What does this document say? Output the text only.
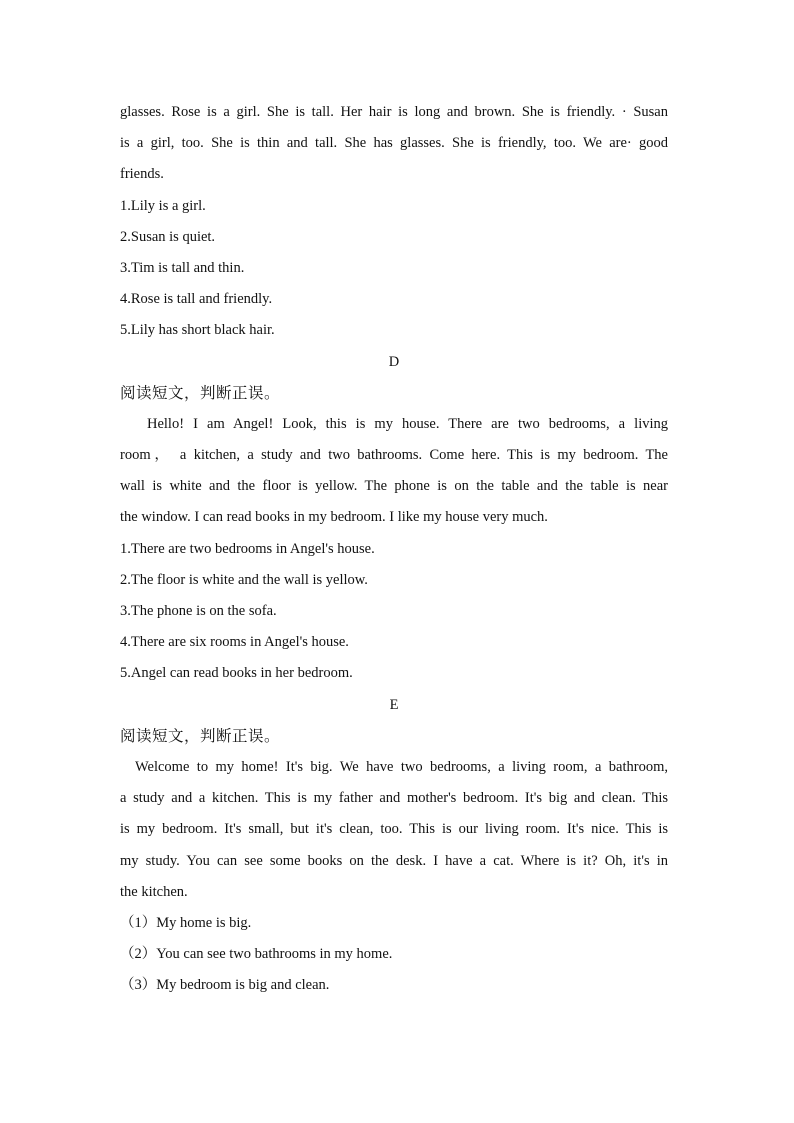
glasses. Rose is a girl. She is tall. Her hair is long and brown. She is friendly. · Susan
is a girl, too. She is thin and tall. She has glasses. She is friendly, too. We are· good
friends.
1.Lily is a girl.
2.Susan is quiet.
3.Tim is tall and thin.
4.Rose is tall and friendly.
5.Lily has short black hair.
D
阅读短文，判断正误。
Hello! I am Angel! Look, this is my house. There are two bedrooms, a living
room， a kitchen, a study and two bathrooms. Come here. This is my bedroom. The
wall is white and the floor is yellow. The phone is on the table and the table is near
the window. I can read books in my bedroom. I like my house very much.
1.There are two bedrooms in Angel's house.
2.The floor is white and the wall is yellow.
3.The phone is on the sofa.
4.There are six rooms in Angel's house.
5.Angel can read books in her bedroom.
E
阅读短文，判断正误。
Welcome to my home! It's big. We have two bedrooms, a living room, a bathroom,
a study and a kitchen. This is my father and mother's bedroom. It's big and clean. This
is my bedroom. It's small, but it's clean, too. This is our living room. It's nice. This is
my study. You can see some books on the desk. I have a cat. Where is it? Oh, it's in
the kitchen.
（1）My home is big.
（2）You can see two bathrooms in my home.
（3）My bedroom is big and clean.
